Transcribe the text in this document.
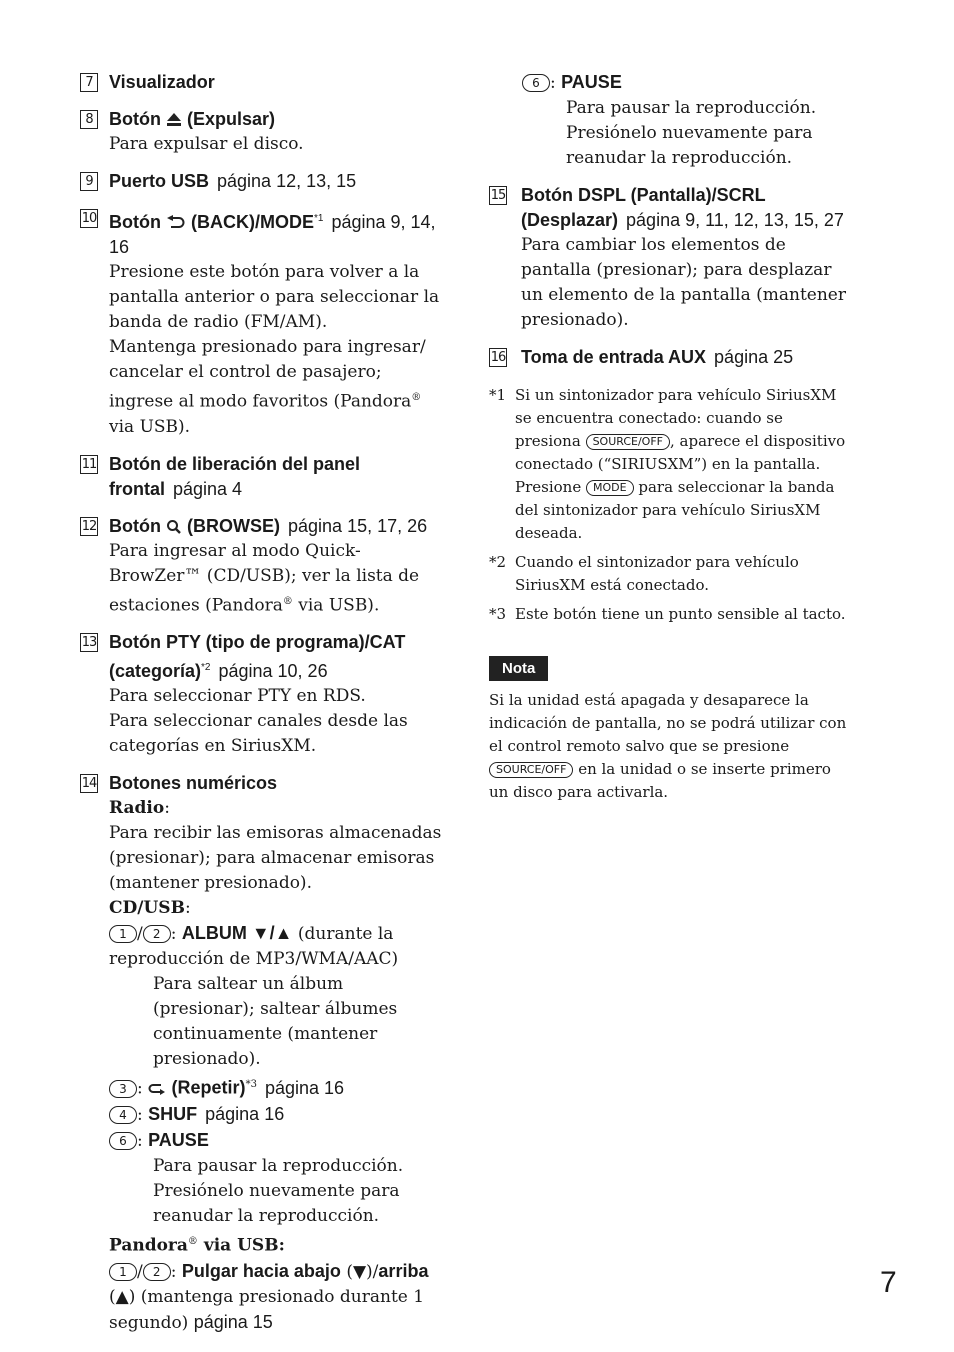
7 Visualizador
8 Botón (Expulsar)
Para expulsar el disco.
9 Puerto USB página 12, 13, 15
10 Botón (BACK)/MODE$^{*1}$ página 9, 14, 16
Presione este botón para volver a la pantalla anterior o para seleccionar la banda de radio (FM/AM).
Mantenga presionado para ingresar/ cancelar el control de pasajero; ingrese al modo favoritos (Pandora® via USB).
11 Botón de liberación del panel frontal página 4
12 Botón (BROWSE) página 15, 17, 26
Para ingresar al modo Quick-BrowZer™ (CD/USB); ver la lista de estaciones (Pandora® via USB).
13 Botón PTY (tipo de programa)/CAT (categoría)$^{*2}$ página 10, 26
Para seleccionar PTY en RDS.
Para seleccionar canales desde las categorías en SiriusXM.
14 Botones numéricos
Radio:
Para recibir las emisoras almacenadas (presionar); para almacenar emisoras (mantener presionado).
CD/USB:
1 / 2 : ALBUM ▼/▲ (durante la reproducción de MP3/WMA/AAC)
Para saltear un álbum (presionar); saltear álbumes continuamente (mantener presionado).
3 :  (Repetir)$^{*3}$ página 16
4 : SHUF página 16
6 : PAUSE
Para pausar la reproducción. Presiónelo nuevamente para reanudar la reproducción.
Pandora® via USB:
1 / 2 : Pulgar hacia abajo (▼)/arriba (▲) (mantenga presionado durante 1 segundo) página 15
6 : PAUSE
Para pausar la reproducción. Presiónelo nuevamente para reanudar la reproducción.
15 Botón DSPL (Pantalla)/SCRL (Desplazar) página 9, 11, 12, 13, 15, 27
Para cambiar los elementos de pantalla (presionar); para desplazar un elemento de la pantalla (mantener presionado).
16 Toma de entrada AUX página 25
*1 Si un sintonizador para vehículo SiriusXM se encuentra conectado: cuando se presiona SOURCE/OFF , aparece el dispositivo conectado (“SIRIUSXM”) en la pantalla. Presione MODE para seleccionar la banda del sintonizador para vehículo SiriusXM deseada.
*2 Cuando el sintonizador para vehículo SiriusXM está conectado.
*3 Este botón tiene un punto sensible al tacto.
Nota
Si la unidad está apagada y desaparece la indicación de pantalla, no se podrá utilizar con el control remoto salvo que se presione SOURCE/OFF en la unidad o se inserte primero un disco para activarla.
7
